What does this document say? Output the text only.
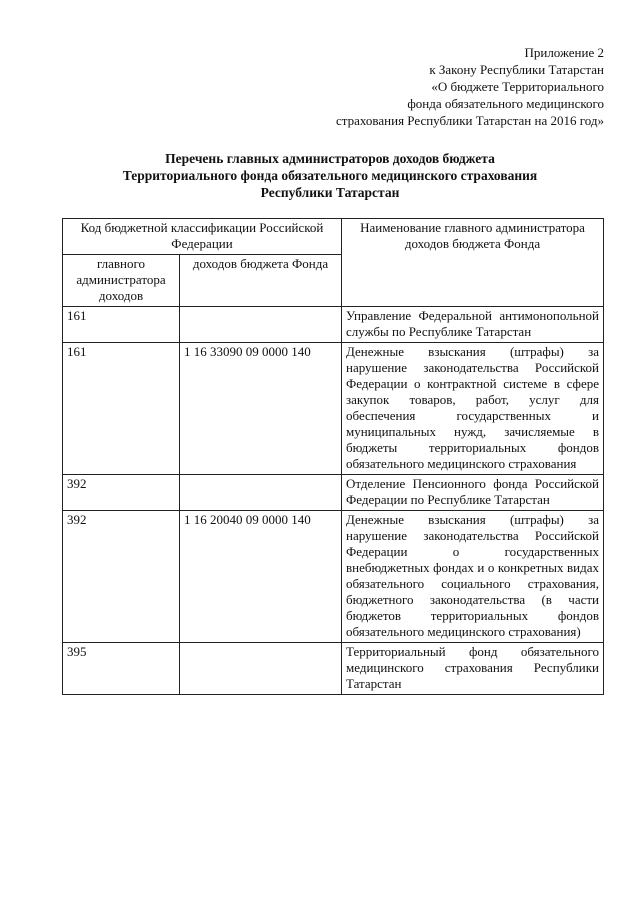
Приложение 2
к Закону Республики Татарстан
«О бюджете Территориального
фонда обязательного медицинского
страхования Республики Татарстан на 2016 год»
Перечень главных администраторов доходов бюджета
Территориального фонда обязательного медицинского страхования
Республики Татарстан
Код бюджетной классификации Российской Федерации		Наименование главного администратора доходов бюджета Фонда
главного администратора доходов	доходов бюджета Фонда	
161		Управление Федеральной антимонопольной службы по Республике Татарстан
161	1 16 33090 09 0000 140	Денежные взыскания (штрафы) за нарушение законодательства Российской Федерации о контрактной системе в сфере закупок товаров, работ, услуг для обеспечения государственных и муниципальных нужд, зачисляемые в бюджеты территориальных фондов обязательного медицинского страхования
392		Отделение Пенсионного фонда Российской Федерации по Республике Татарстан
392	1 16 20040 09 0000 140	Денежные взыскания (штрафы) за нарушение законодательства Российской Федерации о государственных внебюджетных фондах и о конкретных видах обязательного социального страхования, бюджетного законодательства (в части бюджетов территориальных фондов обязательного медицинского страхования)
395		Территориальный фонд обязательного медицинского страхования Республики Татарстан
